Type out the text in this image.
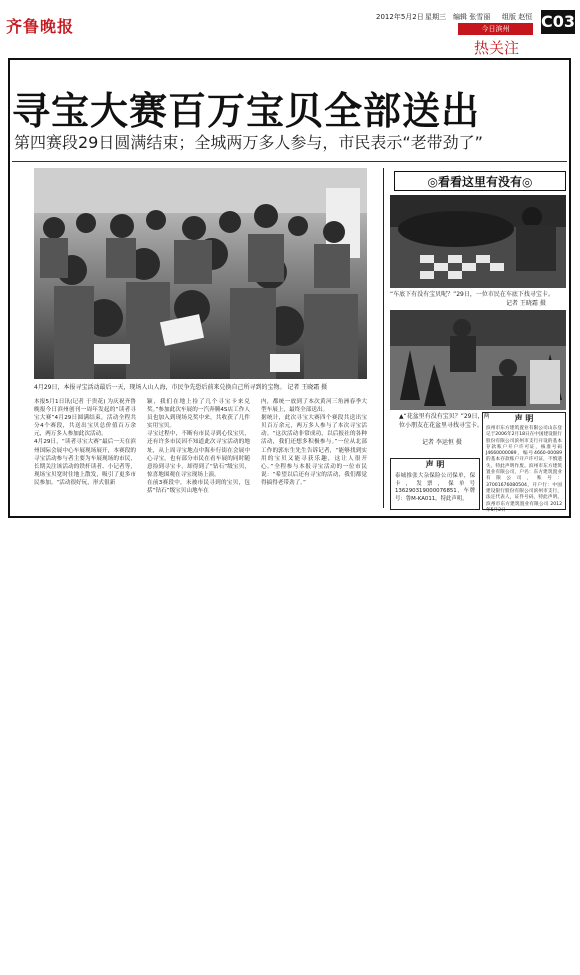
齐鲁晚报	2012年5月2日 星期三 编辑 张雪丽 组版 赵恒 C03
今日滨州
热关注
寻宝大赛百万宝贝全部送出
第四赛段29日圆满结束；全城两万多人参与，市民表示“老带劲了”
4月29日，本报寻宝活动最后一天，现场人山人海，市民争先恐后前来兑换自己所寻到的宝物。 记者 王晓霜 摄
本报5月1日讯(记者 于贵花) 为庆祝齐鲁晚报今日滨州创刊一周年发起的“读者寻宝大赛”4月29日圆满结束，活动全程共分4个赛段，共送出宝贝总价值百万余元，两万多人参加此次活动。
4月29日，“读者寻宝大赛”最后一天在滨州国际会展中心车展现场展开，本赛段的寻宝活动参与者主要为车展现场的市民，长期关注该活动的铁杆读者、小记者等，现场宝贝宽时往地上散发，吸引了更多市民参加。“活动很好玩，形式很新
颖，我们在地上捡了几个寻宝卡来兑奖。”参加此次车展的一汽奔腾4S店工作人员也加入到现场兑奖中来，共收获了几件实用宝贝。
寻宝过程中，不断有市民寻到心仪宝贝，还有许多市民因不知道此次寻宝活动的地址，从上周寻宝地点中海步行街在会展中心寻宝，也有部分市民在看车展的同时随意捡到寻宝卡，却得到了“钻石”级宝贝，惊喜地围观在寻宝现场上演。
在前3赛段中，未被市民寻到的宝贝，包括“钻石”级宝贝山地车在
内，都统一放到了本次黄河三角洲春季大型车展上，最终全部送出。
据统计，此次寻宝大赛四个赛段共送出宝贝百万余元，两万多人参与了本次寻宝活动。“这次活动非常成功，以后报社的各种活动，我们还想多积极参与。”一位从北部工作的郭东生先生告诉记者，“能够找到实用的宝贝又能寻获乐趣，这让人很开心。”全程参与本报寻宝活动的一位市民说：“希望以后还有寻宝的活动，我们都觉得搞得老带劲了。”
◎看看这里有没有◎
“车底下有没有宝贝呢？”29日，一位市民在车底下找寻宝卡。
记者 王晓霜 摄
▲“花盆里有没有宝贝？”29日，两位小朋友在花盆里寻找寻宝卡。
记者 李运恒 摄
声 明
泰城推张大杂保险公司保单，保卡，发票，保单号136290319000076851，车牌号：鲁M-KA011，特此声明。
声 明
滨州市东方建筑置业有限公司山东登记于2006年2月18日在中国建设银行股份有限公司滨州市支行开设的基本存款账户开户许可证，核准号码J4660000089，编号4660-00089的基本存款账户开户许可证，不慎遗失，特此声明作废。滨州市东方建筑置业有限公司，户名：东方建筑置业有限公司，账号：37001676080504，开户行：中国建设银行股份有限公司滨州市支行，法定代表人，证件号码，特此声明。滨州市东方建筑置业有限公司 2012年5月2日
